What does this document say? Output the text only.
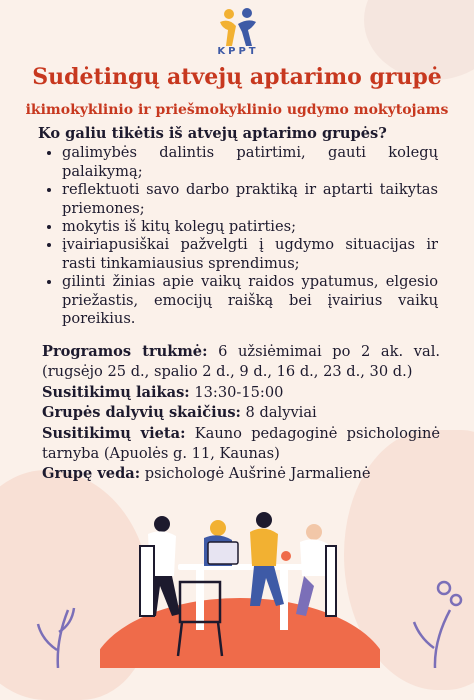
KPPT
Sudėtingų atvejų aptarimo grupė
ikimokyklinio ir priešmokyklinio ugdymo mokytojams
Ko galiu tikėtis iš atvejų aptarimo grupės?
• galimybės dalintis patirtimi, gauti kolegų palaikymą;
• reflektuoti savo darbo praktiką ir aptarti taikytas priemones;
• mokytis iš kitų kolegų patirties;
• įvairiapusiškai pažvelgti į ugdymo situacijas ir rasti tinkamiausius sprendimus;
• gilinti žinias apie vaikų raidos ypatumus, elgesio priežastis, emocijų raišką bei įvairius vaikų poreikius.
Programos trukmė: 6 užsiėmimai po 2 ak. val. (rugsėjo 25 d., spalio 2 d., 9 d., 16 d., 23 d., 30 d.)
Susitikimų laikas: 13:30-15:00
Grupės dalyvių skaičius: 8 dalyviai
Susitikimų vieta: Kauno pedagoginė psichologinė tarnyba (Apuolės g. 11, Kaunas)
Grupę veda: psichologė Aušrinė Jarmalienė
